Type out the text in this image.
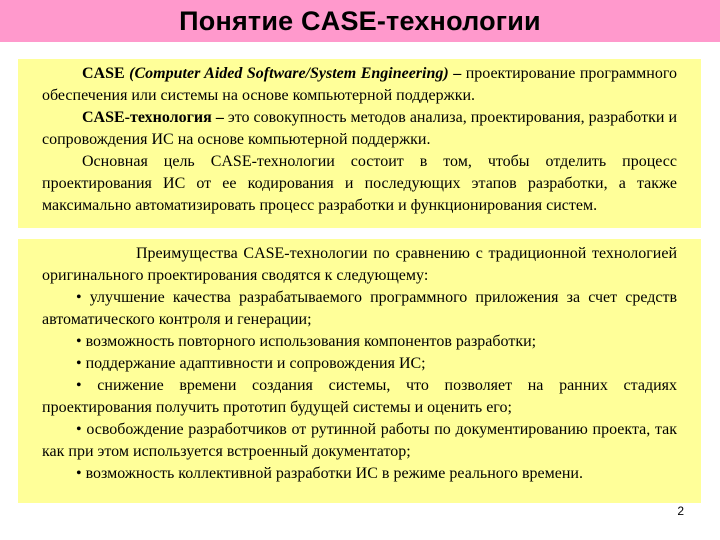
Понятие CASE-технологии

CASE (Computer Aided Software/System Engineering) – проектирование программного обеспечения или системы на основе компьютерной поддержки.

CASE-технология – это совокупность методов анализа, проектирования, разработки и сопровождения ИС на основе компьютерной поддержки.

Основная цель CASE-технологии состоит в том, чтобы отделить процесс проектирования ИС от ее кодирования и последующих этапов разработки, а также максимально автоматизировать процесс разработки и функционирования систем.

Преимущества CASE-технологии по сравнению с традиционной технологией оригинального проектирования сводятся к следующему:

• улучшение качества разрабатываемого программного приложения за счет средств автоматического контроля и генерации;

• возможность повторного использования компонентов разработки;

• поддержание адаптивности и сопровождения ИС;

• снижение времени создания системы, что позволяет на ранних стадиях проектирования получить прототип будущей системы и оценить его;

• освобождение разработчиков от рутинной работы по документированию проекта, так как при этом используется встроенный документатор;

• возможность коллективной разработки ИС в режиме реального времени.

2
